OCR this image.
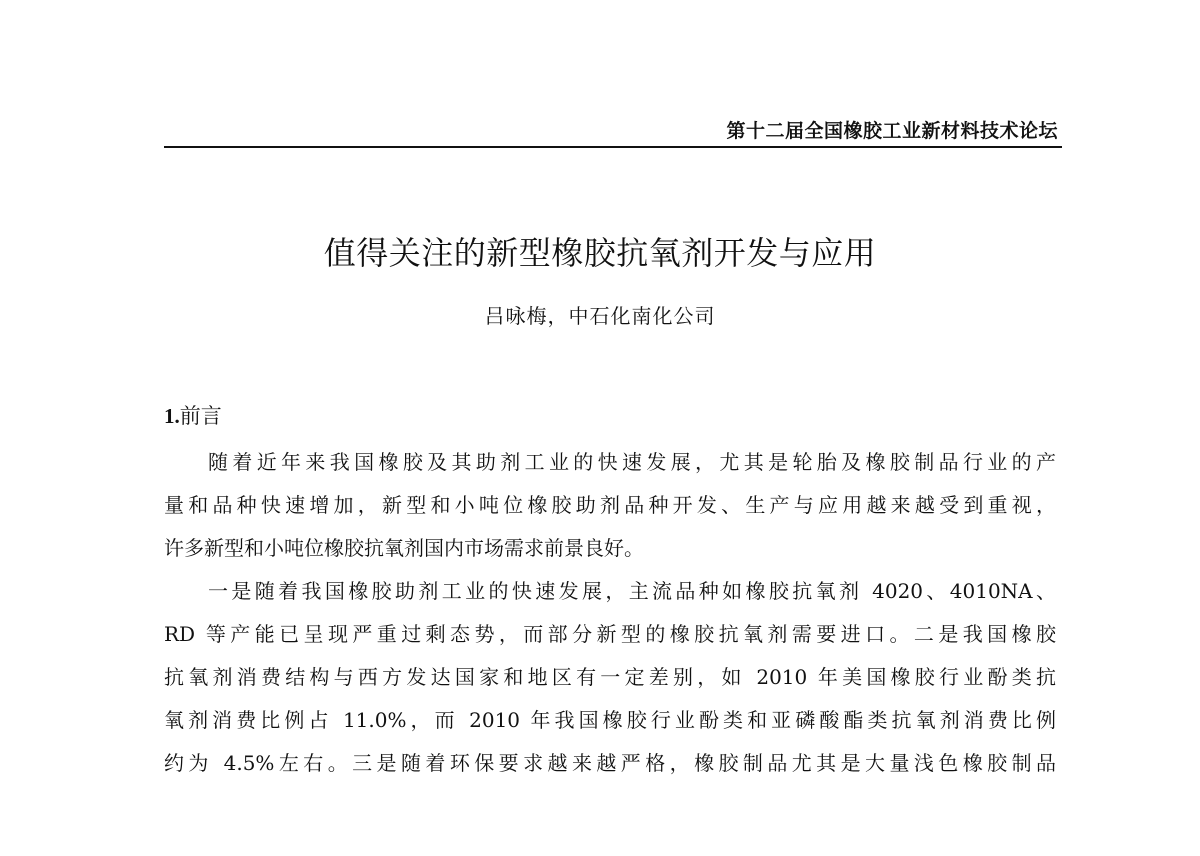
第十二届全国橡胶工业新材料技术论坛
值得关注的新型橡胶抗氧剂开发与应用
吕咏梅，中石化南化公司
1.前言
随着近年来我国橡胶及其助剂工业的快速发展，尤其是轮胎及橡胶制品行业的产
量和品种快速增加，新型和小吨位橡胶助剂品种开发、生产与应用越来越受到重视，
许多新型和小吨位橡胶抗氧剂国内市场需求前景良好。
一是随着我国橡胶助剂工业的快速发展，主流品种如橡胶抗氧剂 4020、4010NA、
RD 等产能已呈现严重过剩态势，而部分新型的橡胶抗氧剂需要进口。二是我国橡胶
抗氧剂消费结构与西方发达国家和地区有一定差别，如 2010 年美国橡胶行业酚类抗
氧剂消费比例占 11.0%，而 2010 年我国橡胶行业酚类和亚磷酸酯类抗氧剂消费比例
约为 4.5%左右。三是随着环保要求越来越严格，橡胶制品尤其是大量浅色橡胶制品
